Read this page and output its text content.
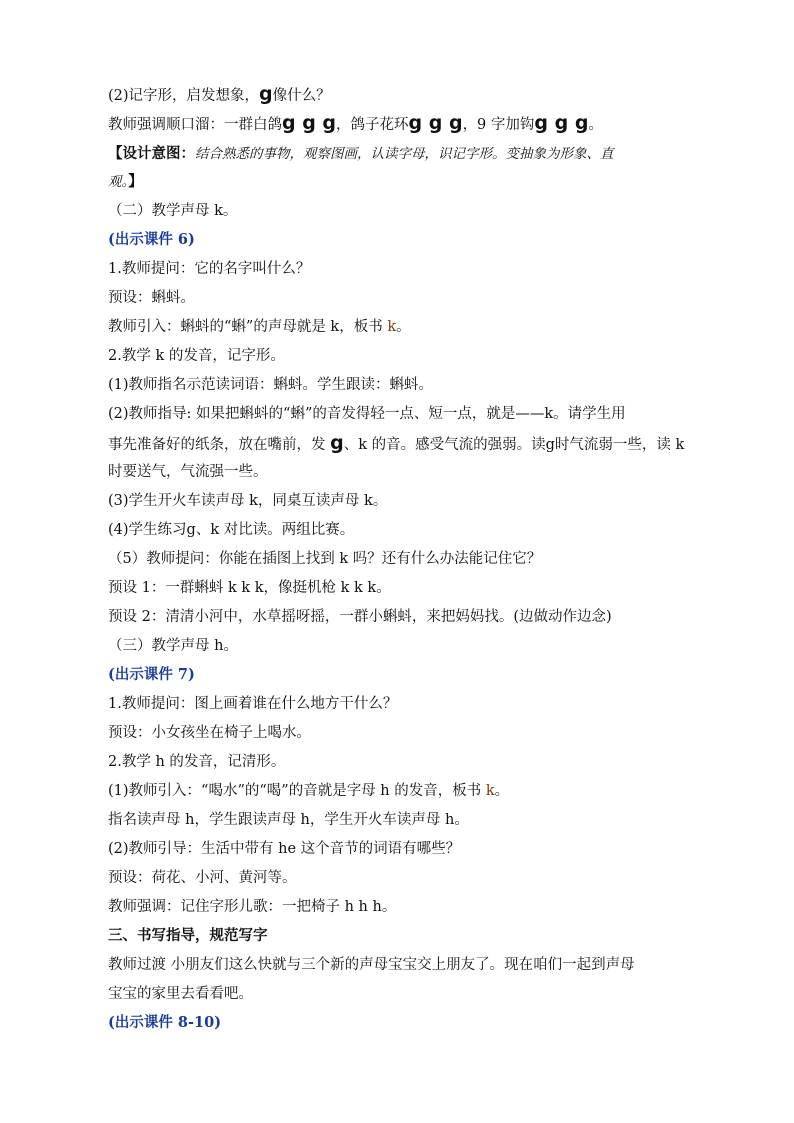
(2)记字形，启发想象，g像什么？
教师强调顺口溜：一群白鸽g g g，鸽子花环g g g，9 字加钩g g g。
【设计意图：结合熟悉的事物，观察图画，认读字母，识记字形。变抽象为形象、直
观。】
（二）教学声母 k。
(出示课件 6)
1.教师提问：它的名字叫什么？
预设：蝌蚪。
教师引入：蝌蚪的“蝌”的声母就是 k，板书 k。
2.教学 k 的发音，记字形。
(1)教师指名示范读词语：蝌蚪。学生跟读：蝌蚪。
(2)教师指导: 如果把蝌蚪的“蝌”的音发得轻一点、短一点，就是——k。请学生用
事先准备好的纸条，放在嘴前，发 g、k 的音。感受气流的强弱。读g时气流弱一些，读 k
时要送气，气流强一些。
(3)学生开火车读声母 k，同桌互读声母 k。
(4)学生练习g、k 对比读。两组比赛。
（5）教师提问：你能在插图上找到 k 吗？还有什么办法能记住它？
预设 1：一群蝌蚪 k k k，像挺机枪 k k k。
预设 2：清清小河中，水草摇呀摇，一群小蝌蚪，来把妈妈找。(边做动作边念)
（三）教学声母 h。
(出示课件 7)
1.教师提问：图上画着谁在什么地方干什么？
预设：小女孩坐在椅子上喝水。
2.教学 h 的发音，记清形。
(1)教师引入：“喝水”的“喝”的音就是字母 h 的发音，板书 k。
指名读声母 h，学生跟读声母 h，学生开火车读声母 h。
(2)教师引导：生活中带有 he 这个音节的词语有哪些？
预设：荷花、小河、黄河等。
教师强调：记住字形儿歌：一把椅子 h h h。
三、书写指导，规范写字
教师过渡 小朋友们这么快就与三个新的声母宝宝交上朋友了。现在咱们一起到声母
宝宝的家里去看看吧。
(出示课件 8-10)
